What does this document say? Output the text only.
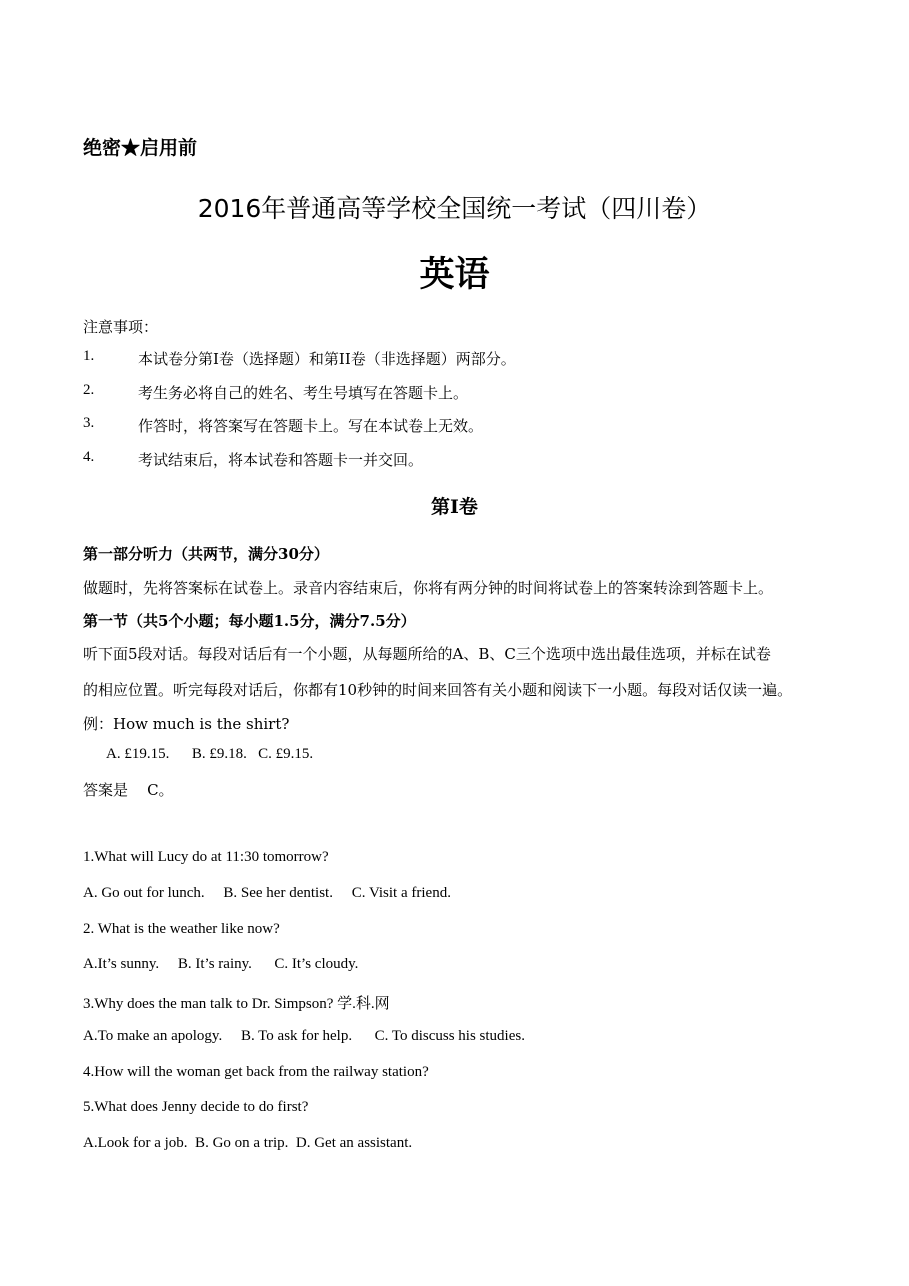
绝密★启用前
2016年普通高等学校全国统一考试（四川卷）
英语
注意事项：
1.	本试卷分第I卷（选择题）和第II卷（非选择题）两部分。
2.	考生务必将自己的姓名、考生号填写在答题卡上。
3.	作答时，将答案写在答题卡上。写在本试卷上无效。
4.	考试结束后，将本试卷和答题卡一并交回。
第I卷
第一部分听力（共两节，满分30分）
做题时，先将答案标在试卷上。录音内容结束后，你将有两分钟的时间将试卷上的答案转涂到答题卡上。
第一节（共5个小题；每小题1.5分，满分7.5分）
听下面5段对话。每段对话后有一个小题，从每题所给的A、B、C三个选项中选出最佳选项，并标在试卷
的相应位置。听完每段对话后，你都有10秒钟的时间来回答有关小题和阅读下一小题。每段对话仅读一遍。
例：How much is the shirt?
A. £19.15.      B. £9.18.   C. £9.15.
答案是    C。
1.What will Lucy do at 11:30 tomorrow?
A. Go out for lunch.     B. See her dentist.     C. Visit a friend.
2. What is the weather like now?
A.It’s sunny.     B. It’s rainy.      C. It’s cloudy.
3.Why does the man talk to Dr. Simpson? 学.科.网
A.To make an apology.     B. To ask for help.      C. To discuss his studies.
4.How will the woman get back from the railway station?
5.What does Jenny decide to do first?
A.Look for a job.  B. Go on a trip.  D. Get an assistant.
